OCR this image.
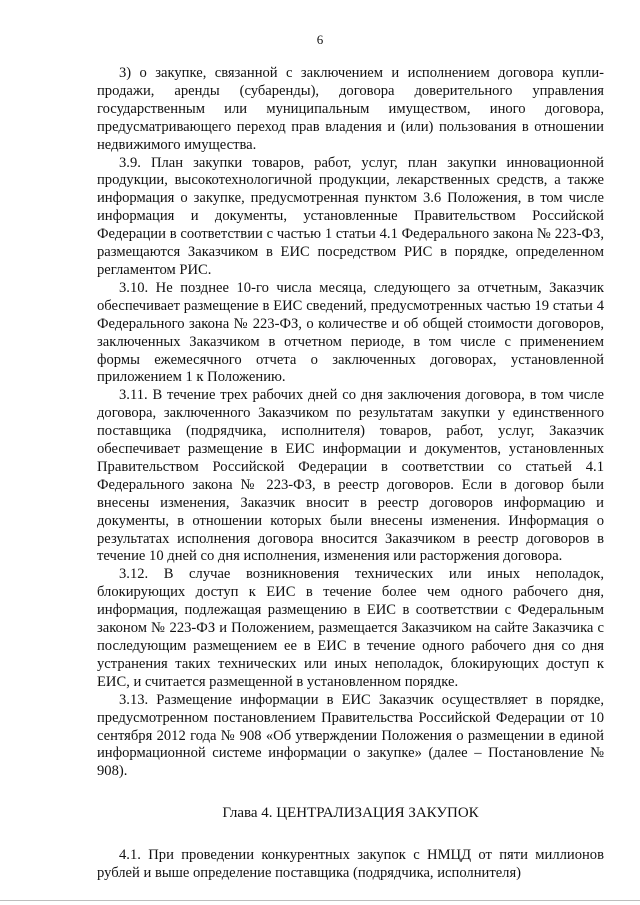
6

3) о закупке, связанной с заключением и исполнением договора купли-продажи, аренды (субаренды), договора доверительного управления государственным или муниципальным имуществом, иного договора, предусматривающего переход прав владения и (или) пользования в отношении недвижимого имущества.

3.9. План закупки товаров, работ, услуг, план закупки инновационной продукции, высокотехнологичной продукции, лекарственных средств, а также информация о закупке, предусмотренная пунктом 3.6 Положения, в том числе информация и документы, установленные Правительством Российской Федерации в соответствии с частью 1 статьи 4.1 Федерального закона № 223-ФЗ, размещаются Заказчиком в ЕИС посредством РИС в порядке, определенном регламентом РИС.

3.10. Не позднее 10-го числа месяца, следующего за отчетным, Заказчик обеспечивает размещение в ЕИС сведений, предусмотренных частью 19 статьи 4 Федерального закона № 223-ФЗ, о количестве и об общей стоимости договоров, заключенных Заказчиком в отчетном периоде, в том числе с применением формы ежемесячного отчета о заключенных договорах, установленной приложением 1 к Положению.

3.11. В течение трех рабочих дней со дня заключения договора, в том числе договора, заключенного Заказчиком по результатам закупки у единственного поставщика (подрядчика, исполнителя) товаров, работ, услуг, Заказчик обеспечивает размещение в ЕИС информации и документов, установленных Правительством Российской Федерации в соответствии со статьей 4.1 Федерального закона № 223-ФЗ, в реестр договоров. Если в договор были внесены изменения, Заказчик вносит в реестр договоров информацию и документы, в отношении которых были внесены изменения. Информация о результатах исполнения договора вносится Заказчиком в реестр договоров в течение 10 дней со дня исполнения, изменения или расторжения договора.

3.12. В случае возникновения технических или иных неполадок, блокирующих доступ к ЕИС в течение более чем одного рабочего дня, информация, подлежащая размещению в ЕИС в соответствии с Федеральным законом № 223-ФЗ и Положением, размещается Заказчиком на сайте Заказчика с последующим размещением ее в ЕИС в течение одного рабочего дня со дня устранения таких технических или иных неполадок, блокирующих доступ к ЕИС, и считается размещенной в установленном порядке.

3.13. Размещение информации в ЕИС Заказчик осуществляет в порядке, предусмотренном постановлением Правительства Российской Федерации от 10 сентября 2012 года № 908 «Об утверждении Положения о размещении в единой информационной системе информации о закупке» (далее – Постановление № 908).

Глава 4. ЦЕНТРАЛИЗАЦИЯ ЗАКУПОК

4.1. При проведении конкурентных закупок с НМЦД от пяти миллионов рублей и выше определение поставщика (подрядчика, исполнителя)
